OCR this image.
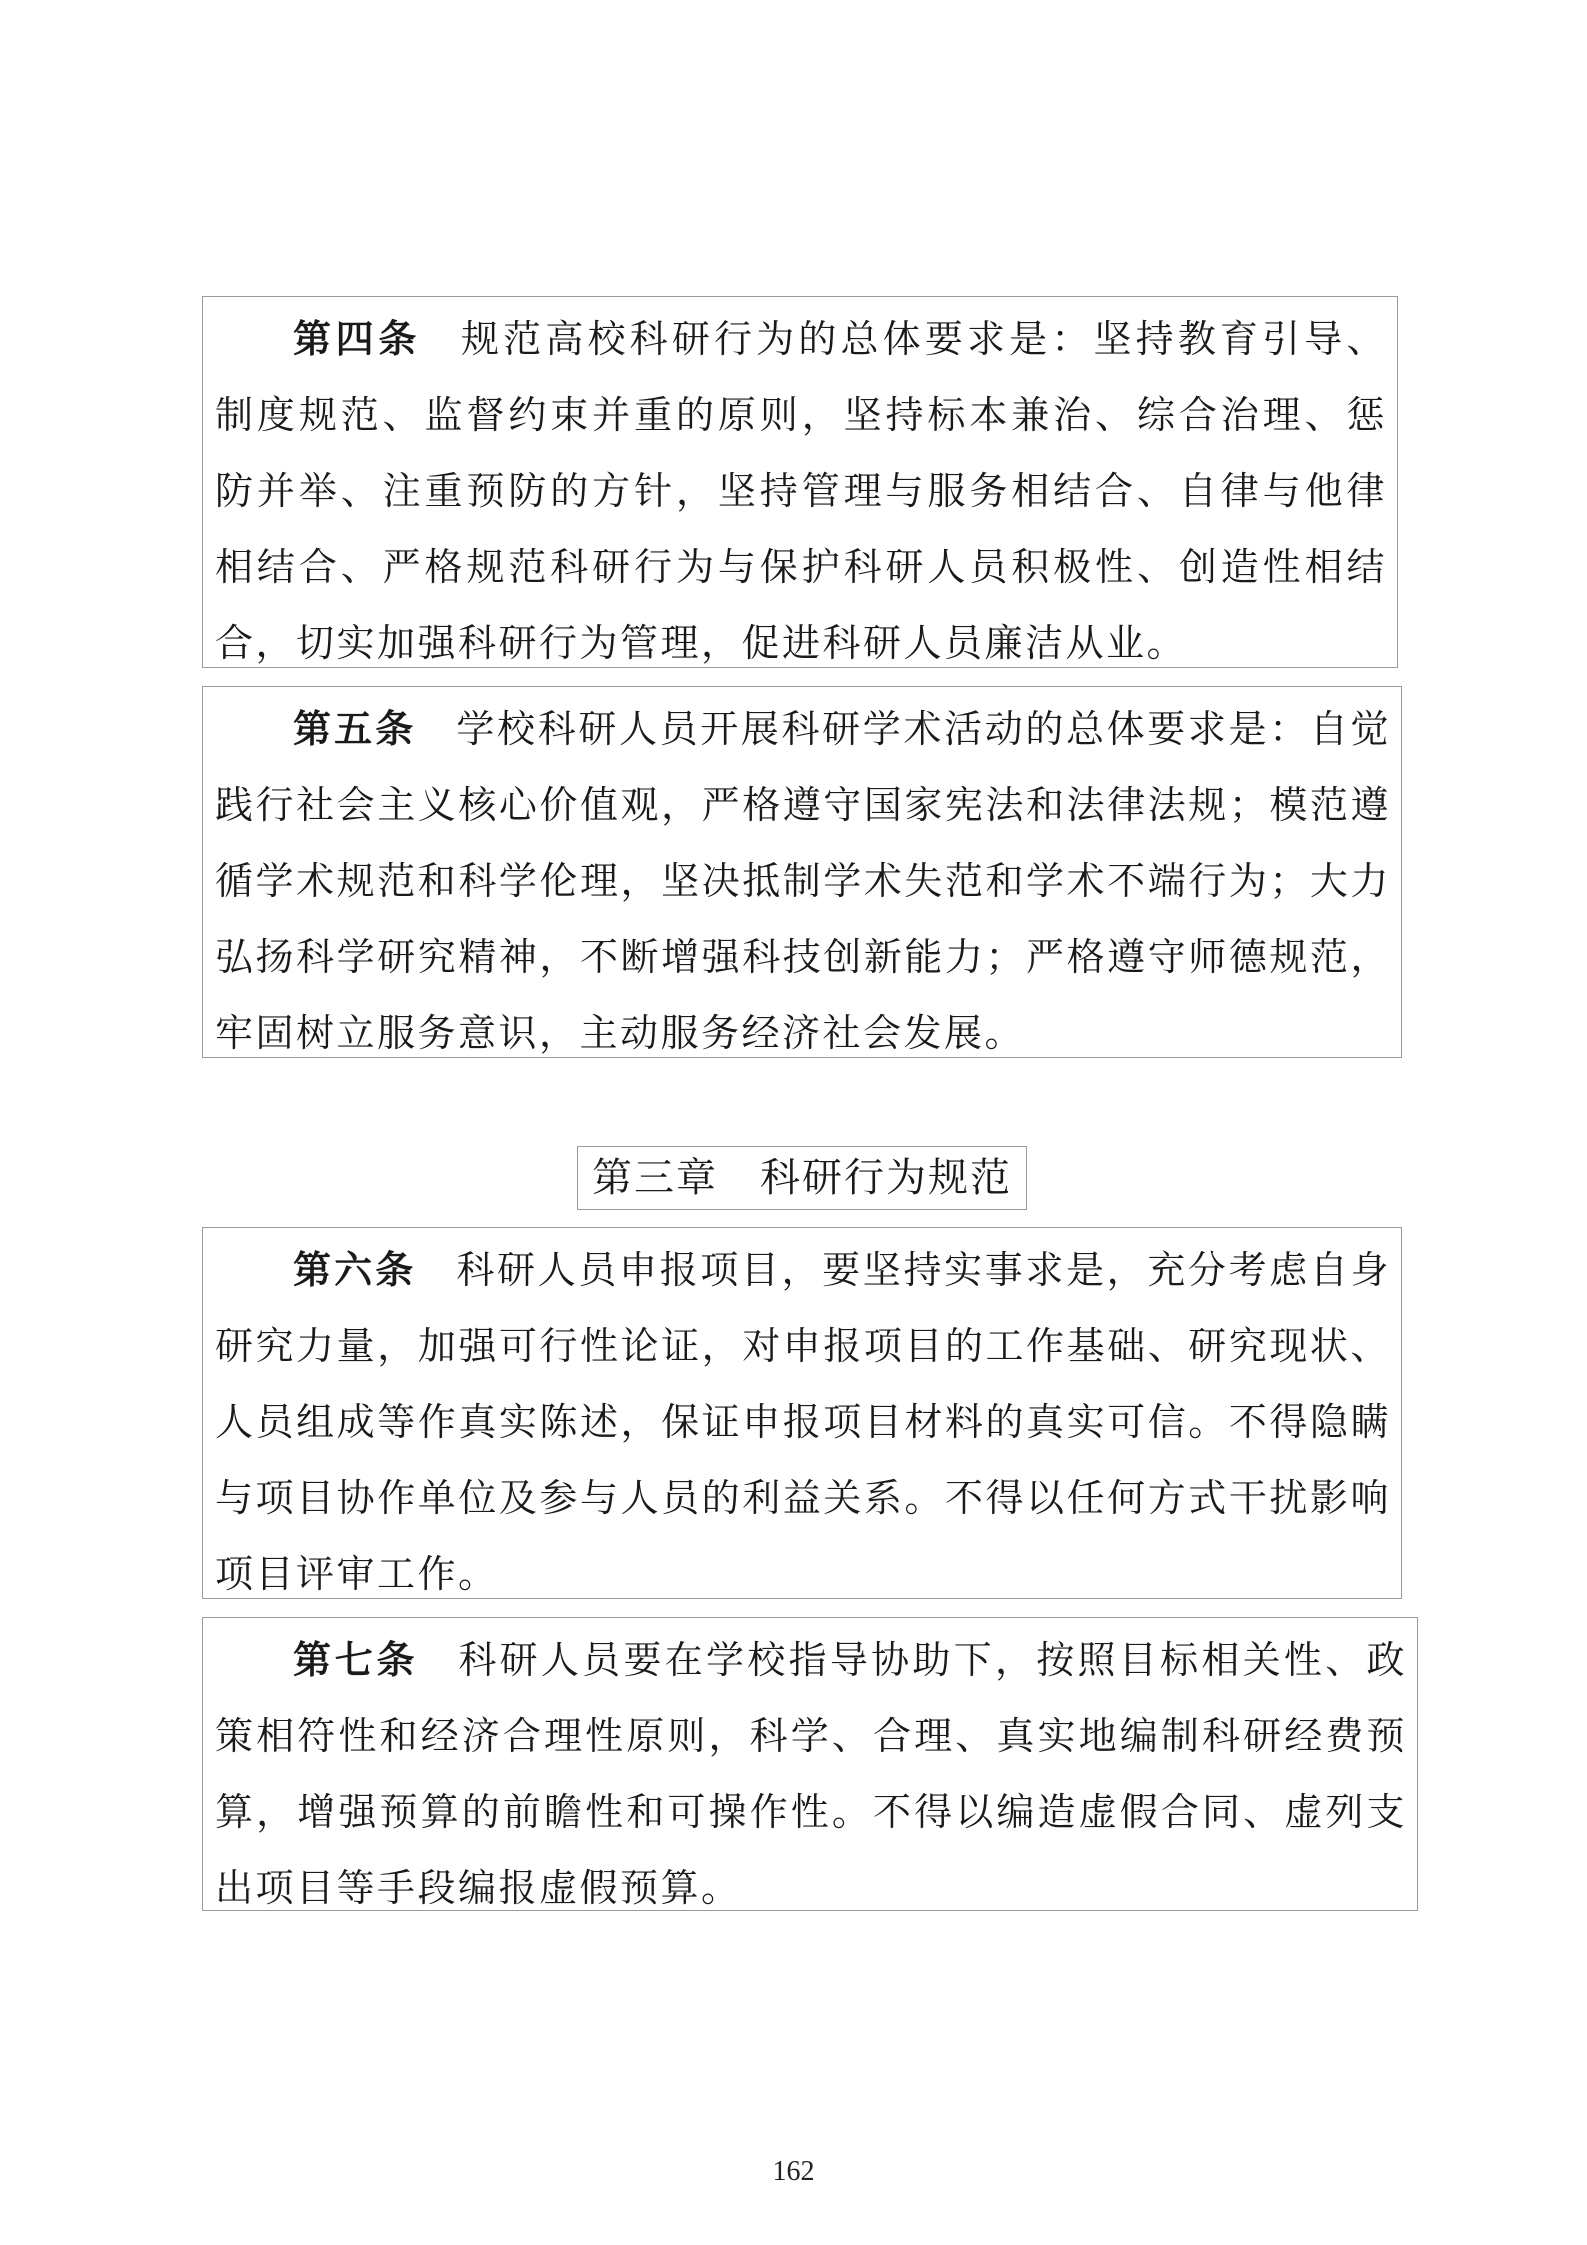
第四条 规范高校科研行为的总体要求是：坚持教育引导、制度规范、监督约束并重的原则，坚持标本兼治、综合治理、惩防并举、注重预防的方针，坚持管理与服务相结合、自律与他律相结合、严格规范科研行为与保护科研人员积极性、创造性相结合，切实加强科研行为管理，促进科研人员廉洁从业。
第五条 学校科研人员开展科研学术活动的总体要求是：自觉践行社会主义核心价值观，严格遵守国家宪法和法律法规；模范遵循学术规范和科学伦理，坚决抵制学术失范和学术不端行为；大力弘扬科学研究精神，不断增强科技创新能力；严格遵守师德规范，牢固树立服务意识，主动服务经济社会发展。
第三章　科研行为规范
第六条 科研人员申报项目，要坚持实事求是，充分考虑自身研究力量，加强可行性论证，对申报项目的工作基础、研究现状、人员组成等作真实陈述，保证申报项目材料的真实可信。不得隐瞒与项目协作单位及参与人员的利益关系。不得以任何方式干扰影响项目评审工作。
第七条 科研人员要在学校指导协助下，按照目标相关性、政策相符性和经济合理性原则，科学、合理、真实地编制科研经费预算，增强预算的前瞻性和可操作性。不得以编造虚假合同、虚列支出项目等手段编报虚假预算。
162
